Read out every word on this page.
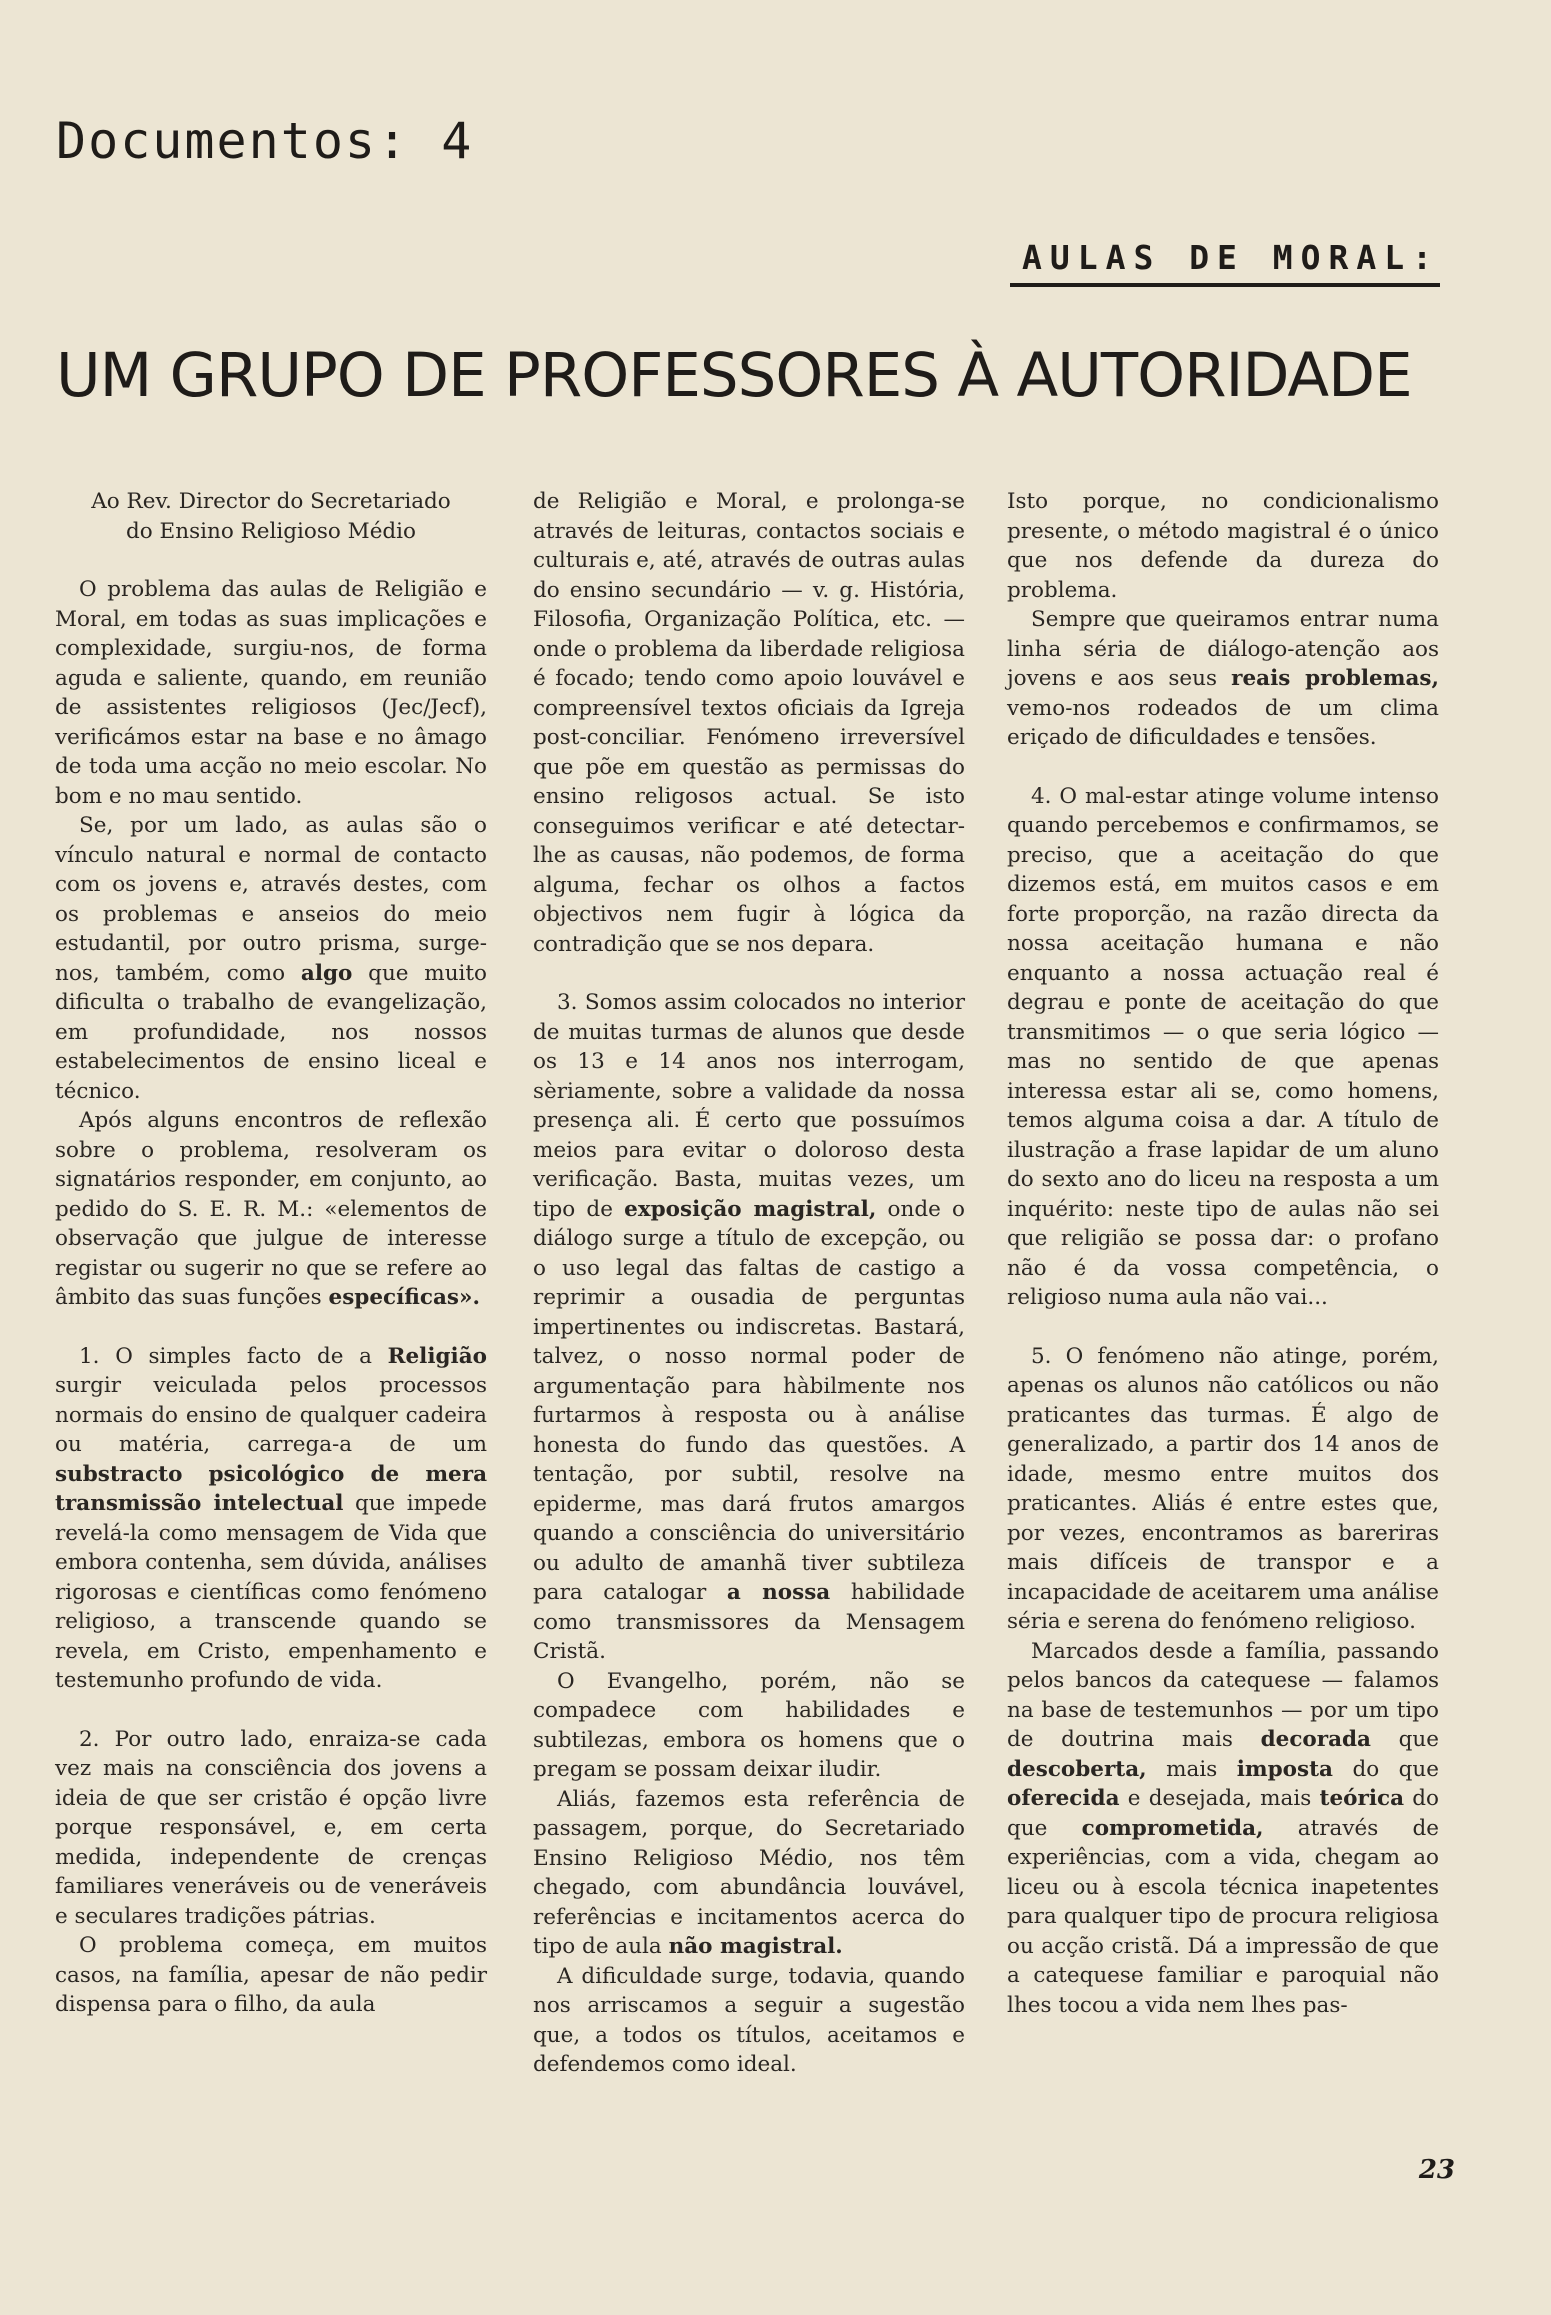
Documentos: 4
AULAS DE MORAL:
UM GRUPO DE PROFESSORES À AUTORIDADE

Ao Rev. Director do Secretariado

do Ensino Religioso Médio

O problema das aulas de Religião e Moral, em todas as suas implicações e complexidade, surgiu-nos, de forma aguda e saliente, quando, em reunião de assistentes religiosos (Jec/Jecf), verificámos estar na base e no âmago de toda uma acção no meio escolar. No bom e no mau sentido.

Se, por um lado, as aulas são o vínculo natural e normal de contacto com os jovens e, através destes, com os problemas e anseios do meio estudantil, por outro prisma, surge-nos, também, como algo que muito dificulta o trabalho de evangelização, em profundidade, nos nossos estabelecimentos de ensino liceal e técnico.

Após alguns encontros de reflexão sobre o problema, resolveram os signatários responder, em conjunto, ao pedido do S. E. R. M.: «elementos de observação que julgue de interesse registar ou sugerir no que se refere ao âmbito das suas funções específicas».

1. O simples facto de a Religião surgir veiculada pelos processos normais do ensino de qualquer cadeira ou matéria, carrega-a de um substracto psicológico de mera transmissão intelectual que impede revelá-la como mensagem de Vida que embora contenha, sem dúvida, análises rigorosas e científicas como fenómeno religioso, a transcende quando se revela, em Cristo, empenhamento e testemunho profundo de vida.

2. Por outro lado, enraiza-se cada vez mais na consciência dos jovens a ideia de que ser cristão é opção livre porque responsável, e, em certa medida, independente de crenças familiares veneráveis ou de veneráveis e seculares tradições pátrias.

O problema começa, em muitos casos, na família, apesar de não pedir dispensa para o filho, da aula

de Religião e Moral, e prolonga-se através de leituras, contactos sociais e culturais e, até, através de outras aulas do ensino secundário — v. g. História, Filosofia, Organização Política, etc. — onde o problema da liberdade religiosa é focado; tendo como apoio louvável e compreensível textos oficiais da Igreja post-conciliar. Fenómeno irreversível que põe em questão as permissas do ensino religosos actual. Se isto conseguimos verificar e até detectar-lhe as causas, não podemos, de forma alguma, fechar os olhos a factos objectivos nem fugir à lógica da contradição que se nos depara.

3. Somos assim colocados no interior de muitas turmas de alunos que desde os 13 e 14 anos nos interrogam, sèriamente, sobre a validade da nossa presença ali. É certo que possuímos meios para evitar o doloroso desta verificação. Basta, muitas vezes, um tipo de exposição magistral, onde o diálogo surge a título de excepção, ou o uso legal das faltas de castigo a reprimir a ousadia de perguntas impertinentes ou indiscretas. Bastará, talvez, o nosso normal poder de argumentação para hàbilmente nos furtarmos à resposta ou à análise honesta do fundo das questões. A tentação, por subtil, resolve na epiderme, mas dará frutos amargos quando a consciência do universitário ou adulto de amanhã tiver subtileza para catalogar a nossa habilidade como transmissores da Mensagem Cristã.

O Evangelho, porém, não se compadece com habilidades e subtilezas, embora os homens que o pregam se possam deixar iludir.

Aliás, fazemos esta referência de passagem, porque, do Secretariado Ensino Religioso Médio, nos têm chegado, com abundância louvável, referências e incitamentos acerca do tipo de aula não magistral.

A dificuldade surge, todavia, quando nos arriscamos a seguir a sugestão que, a todos os títulos, aceitamos e defendemos como ideal.

Isto porque, no condicionalismo presente, o método magistral é o único que nos defende da dureza do problema.

Sempre que queiramos entrar numa linha séria de diálogo-atenção aos jovens e aos seus reais problemas, vemo-nos rodeados de um clima eriçado de dificuldades e tensões.

4. O mal-estar atinge volume intenso quando percebemos e confirmamos, se preciso, que a aceitação do que dizemos está, em muitos casos e em forte proporção, na razão directa da nossa aceitação humana e não enquanto a nossa actuação real é degrau e ponte de aceitação do que transmitimos — o que seria lógico — mas no sentido de que apenas interessa estar ali se, como homens, temos alguma coisa a dar. A título de ilustração a frase lapidar de um aluno do sexto ano do liceu na resposta a um inquérito: neste tipo de aulas não sei que religião se possa dar: o profano não é da vossa competência, o religioso numa aula não vai...

5. O fenómeno não atinge, porém, apenas os alunos não católicos ou não praticantes das turmas. É algo de generalizado, a partir dos 14 anos de idade, mesmo entre muitos dos praticantes. Aliás é entre estes que, por vezes, encontramos as bareriras mais difíceis de transpor e a incapacidade de aceitarem uma análise séria e serena do fenómeno religioso.

Marcados desde a família, passando pelos bancos da catequese — falamos na base de testemunhos — por um tipo de doutrina mais decorada que descoberta, mais imposta do que oferecida e desejada, mais teórica do que comprometida, através de experiências, com a vida, chegam ao liceu ou à escola técnica inapetentes para qualquer tipo de procura religiosa ou acção cristã. Dá a impressão de que a catequese familiar e paroquial não lhes tocou a vida nem lhes pas-

23
